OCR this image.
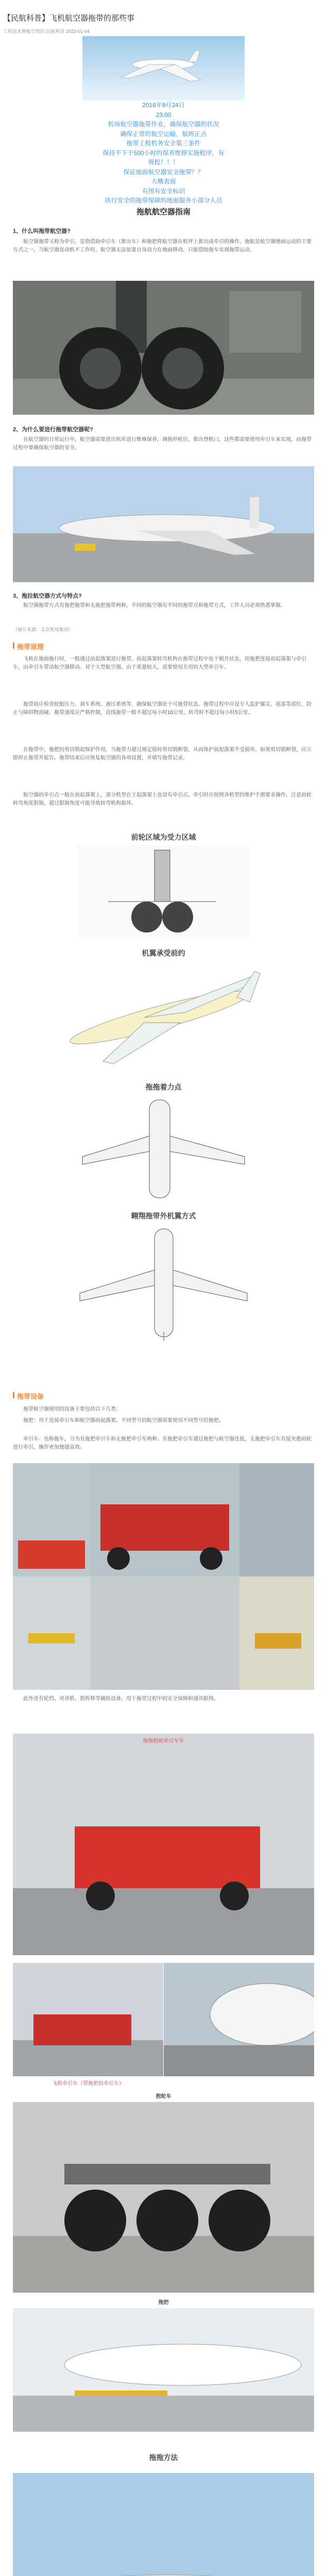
【民航科普】飞机航空器拖带的那些事
工程技术师航空知识 民航科普 2023-01-04
2018年9月24日
23:00
机场航空器拖带作业，确保航空器的状况
确保正常的航空运输，航班正点
拖带工程机务安全第三条件
保持不下于500小时的保养维修实施程序，有
规程！！！
保证地面航空器安全拖带？？
大概表面
有图有安全标识
执行安全的拖带保障的地面服务小部分人员
拖航航空器指南
1、什么叫拖带航空器?
航空器拖带又称为牵引，是指借助牵引车（推出车）和拖把将航空器在机坪上推出或牵引的操作。拖航是航空器地面运动的主要方式之一，当航空器发动机不工作时，航空器无法依靠自身动力在地面移动，只能借助拖车实现拖带运动。
2、为什么要进行拖带航空器呢?
在航空器的日常运行中，航空器需要进出机库进行维修保养，调换停机位，推出登机口，这些都需要使用牵引车来实现，而拖带过程中要确保航空器的安全。
3、拖拉航空器方式与特点?
航空器拖带方式有拖把拖带和无拖把拖带两种，不同的航空器有不同的拖带点和拖带方式，工作人员必须熟悉掌握。
（图片来源：北京机场集团）
拖带原理
飞机在地面拖行时，一般通过前起落架进行拖带，前起落架转弯机构在拖带过程中处于脱开状态，用拖把连接前起落架与牵引车，由牵引车带动航空器移动。对于大型航空器，由于重量较大，需要使用专用的大型牵引车。
拖带前应检查轮胎压力、刹车系统、液压系统等，确保航空器处于可拖带状态。拖带过程中应设专人监护翼尖、尾部等部位，防止与障碍物刮碰。拖带速度应严格控制，直线拖带一般不超过每小时10公里，转弯时不超过每小时5公里。
在拖带中，拖把的剪切销起保护作用，当拖带力超过规定值时剪切销断裂，从而保护前起落架不受损坏。如果剪切销断裂，应立即停止拖带并报告。拖带结束后应恢复航空器的各项设置，并填写拖带记录。
航空器的牵引点一般在前起落架上，部分机型在主起落架上也设有牵引点。牵引时应按照各机型的维护手册要求操作，注意前轮转弯角度限制，超过限制角度可能导致转弯机构损坏。
前轮区域为受力区域
机翼承受前约
拖拖着力点
翱翔拖带外机翼方式
拖带设备
拖带航空器使用的设备主要包括以下几类：
拖把：用于连接牵引车和航空器前起落架，不同型号的航空器需要使用不同型号的拖把。
牵引车：也称拖车，分为有拖把牵引车和无拖把牵引车两种。有拖把牵引车通过拖把与航空器连接，无拖把牵引车直接夹抱前轮进行牵引，操作更加便捷高效。
此外还有轮挡、对讲机、指挥棒等辅助设备，用于拖带过程中的安全保障和通讯联络。
拖拖抱轮牵引车车
飞机牵引车（带拖把的牵引车）
抱轮车
拖把
拖拖方法
